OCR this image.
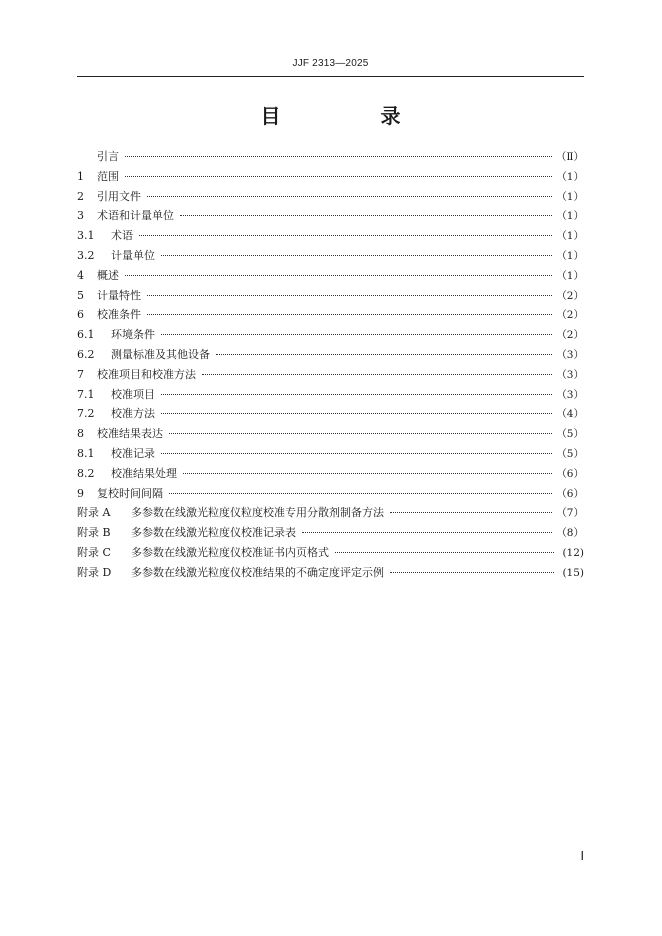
JJF 2313—2025
目　录
引言	（Ⅱ）
1	范围	（1）
2	引用文件	（1）
3	术语和计量单位	（1）
3.1	术语	（1）
3.2	计量单位	（1）
4	概述	（1）
5	计量特性	（2）
6	校准条件	（2）
6.1	环境条件	（2）
6.2	测量标准及其他设备	（3）
7	校准项目和校准方法	（3）
7.1	校准项目	（3）
7.2	校准方法	（4）
8	校准结果表达	（5）
8.1	校准记录	（5）
8.2	校准结果处理	（6）
9	复校时间间隔	（6）
附录 A	多参数在线激光粒度仪粒度校准专用分散剂制备方法	（7）
附录 B	多参数在线激光粒度仪校准记录表	（8）
附录 C	多参数在线激光粒度仪校准证书内页格式	(12)
附录 D	多参数在线激光粒度仪校准结果的不确定度评定示例	(15)
Ⅰ
